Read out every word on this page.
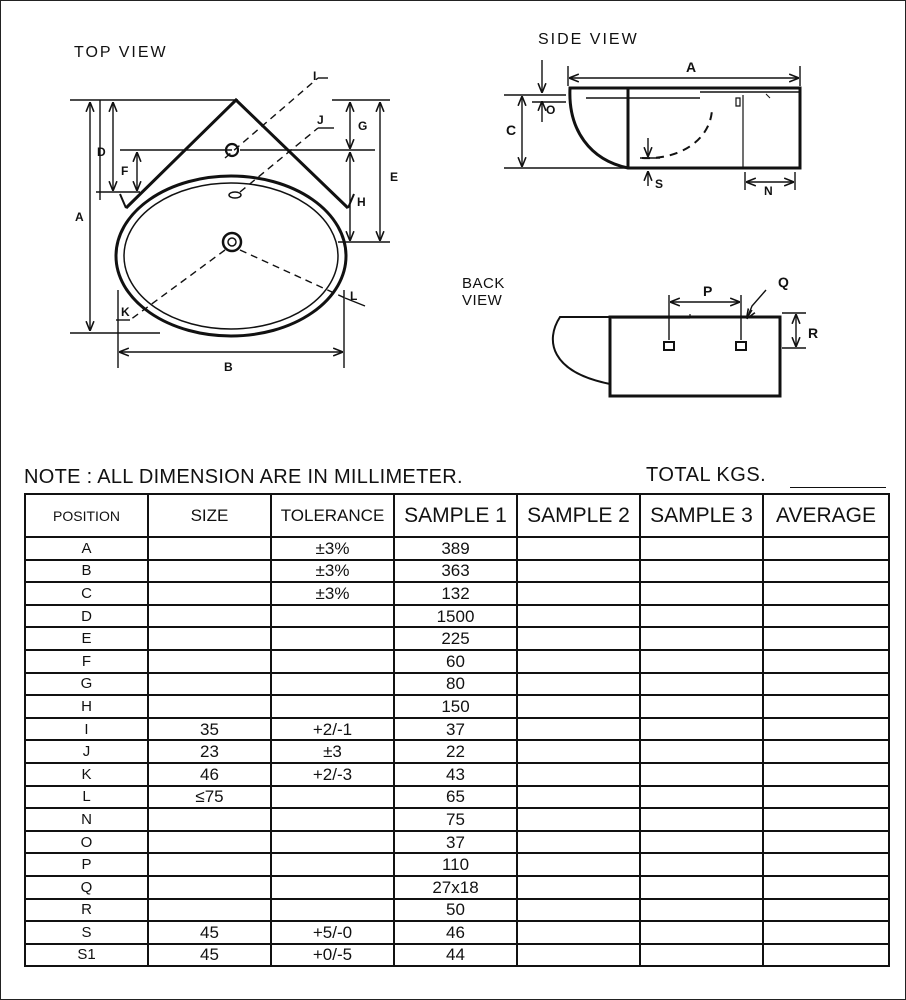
TOP VIEW
SIDE VIEW
BACK
VIEW
A
B
D
E
F
G
H
I
J
K
L
A
C
O
S	N
P
Q
R
NOTE : ALL DIMENSION ARE IN MILLIMETER.	TOTAL KGS.
POSITION	SIZE	TOLERANCE	SAMPLE 1	SAMPLE 2	SAMPLE 3	AVERAGE
A		±3%	389			
B		±3%	363			
C		±3%	132			
D			1500			
E			225			
F			60			
G			80			
H			150			
I	35	+2/-1	37			
J	23	±3	22			
K	46	+2/-3	43			
L	≤75		65			
N			75			
O			37			
P			110			
Q			27x18			
R			50			
S	45	+5/-0	46			
S1	45	+0/-5	44			
